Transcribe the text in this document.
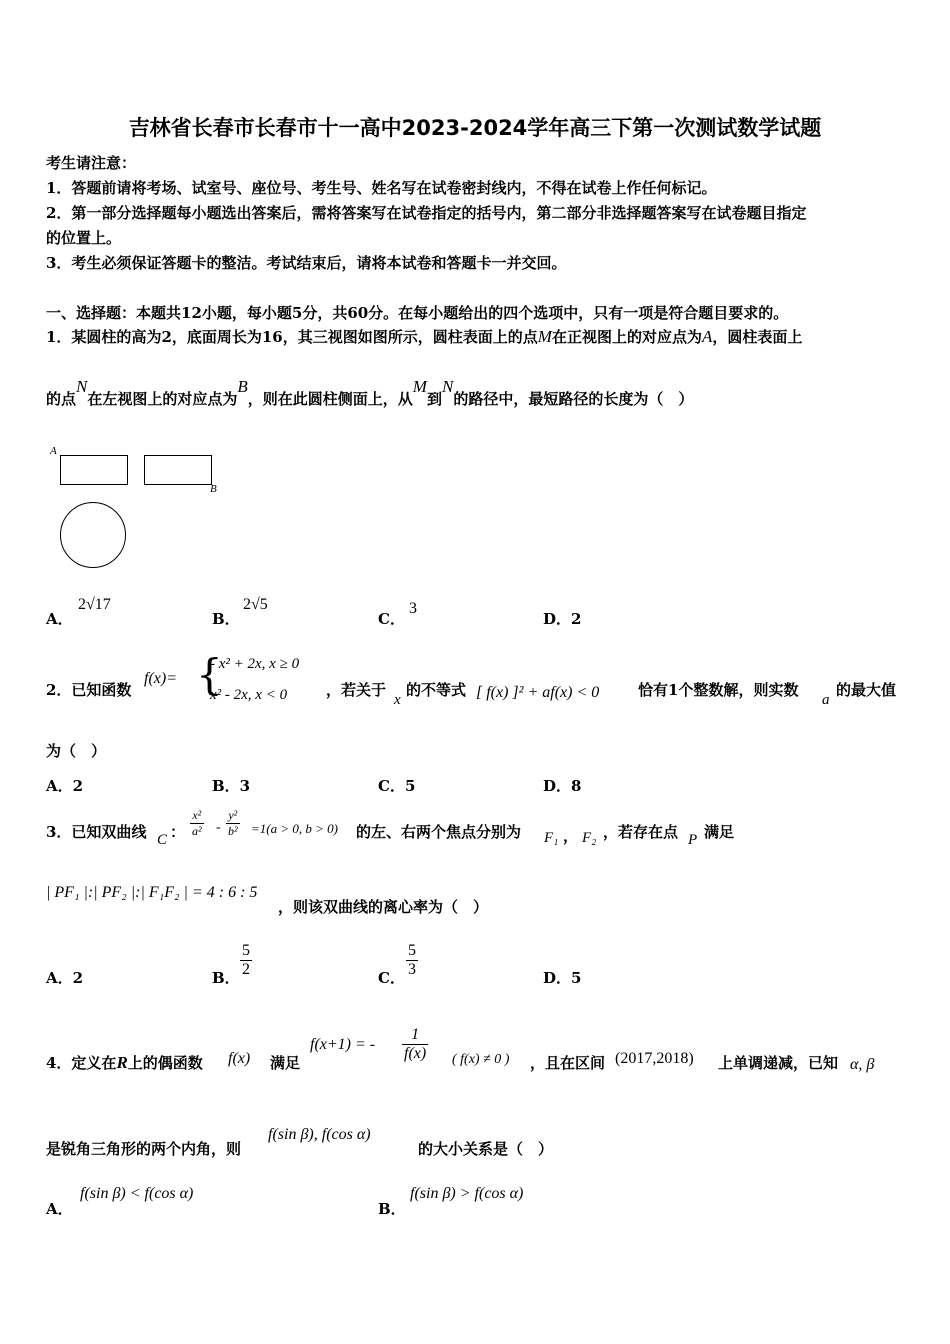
吉林省长春市长春市十一高中2023-2024学年高三下第一次测试数学试题
考生请注意：
1．答题前请将考场、试室号、座位号、考生号、姓名写在试卷密封线内，不得在试卷上作任何标记。
2．第一部分选择题每小题选出答案后，需将答案写在试卷指定的括号内，第二部分非选择题答案写在试卷题目指定
的位置上。
3．考生必须保证答题卡的整洁。考试结束后，请将本试卷和答题卡一并交回。
一、选择题：本题共12小题，每小题5分，共60分。在每小题给出的四个选项中，只有一项是符合题目要求的。
1．某圆柱的高为2，底面周长为16，其三视图如图所示，圆柱表面上的点M在正视图上的对应点为A，圆柱表面上
的点N在左视图上的对应点为B，则在此圆柱侧面上，从M到N的路径中，最短路径的长度为（　）
A
B
A．
2√17
B．
2√5
C．
3
D．2
2．已知函数
f(x)= {
- x² + 2x, x ≥ 0
x² - 2x, x < 0	，若关于
x
的不等式 [ f(x) ]² + af(x) < 0	恰有1个整数解，则实数
a
的最大值
为（　）
A．2	B．3	C．5	D．8
3．已知双曲线 C ： $\frac{\text{x²}}{\text{a²}} - \frac{\text{y²}}{\text{b²}} =1(a > 0$, b > 0) 的左、右两个焦点分别为 F₁ ， F₂ ，若存在点 P 满足
| PF₁ |:| PF₂ |:| F₁F₂ | = 4 : 6 : 5
，则该双曲线的离心率为（　）
A．2	B． $\frac{5}{2}$	C． $\frac{5}{3}$	D．5
4．定义在R上的偶函数 f(x) 满足
f(x+1) = - $\frac{1}{f(x)}$ ( f(x) ≠ 0 ) ，且在区间 (2017,2018) 上单调递减，已知 α, β
是锐角三角形的两个内角，则
f(sin β), f(cos α)
的大小关系是（　）
A．
f(sin β) < f(cos α)
B．
f(sin β) > f(cos α)
